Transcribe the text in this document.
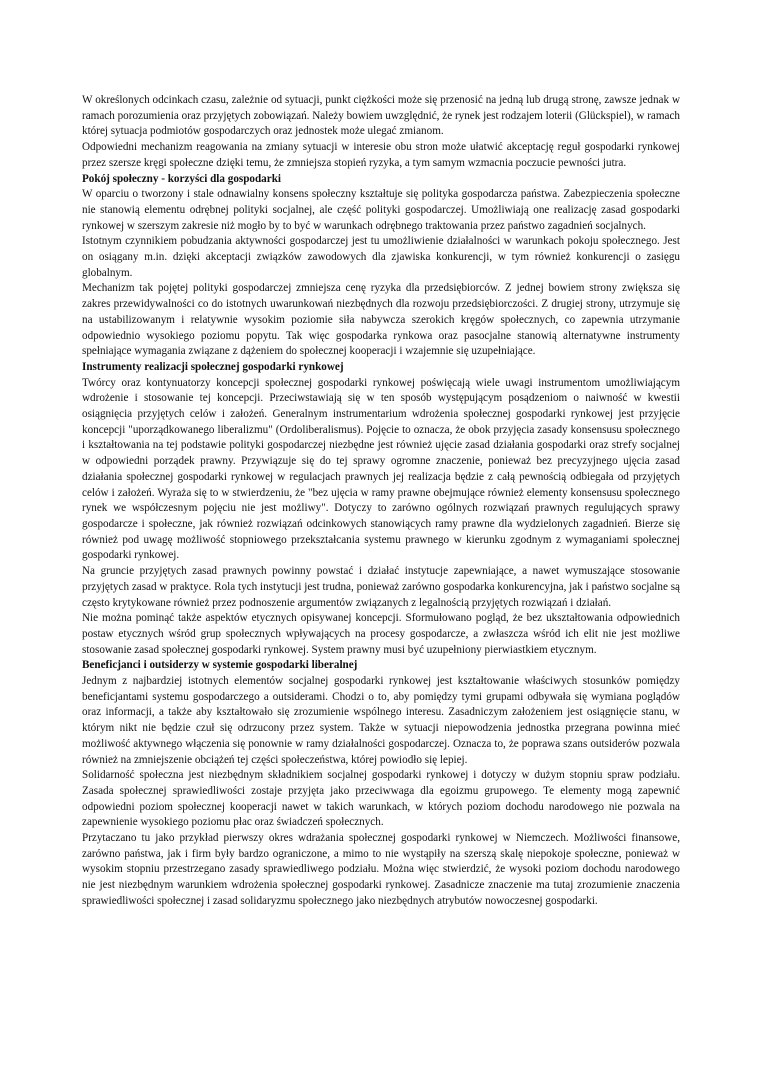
W określonych odcinkach czasu, zależnie od sytuacji, punkt ciężkości może się przenosić na jedną lub drugą stronę, zawsze jednak w ramach porozumienia oraz przyjętych zobowiązań. Należy bowiem uwzględnić, że rynek jest rodzajem loterii (Glückspiel), w ramach której sytuacja podmiotów gospodarczych oraz jednostek może ulegać zmianom.

Odpowiedni mechanizm reagowania na zmiany sytuacji w interesie obu stron może ułatwić akceptację reguł gospodarki rynkowej przez szersze kręgi społeczne dzięki temu, że zmniejsza stopień ryzyka, a tym samym wzmacnia poczucie pewności jutra.

Pokój społeczny - korzyści dla gospodarki

W oparciu o tworzony i stale odnawialny konsens społeczny kształtuje się polityka gospodarcza państwa. Zabezpieczenia społeczne nie stanowią elementu odrębnej polityki socjalnej, ale część polityki gospodarczej. Umożliwiają one realizację zasad gospodarki rynkowej w szerszym zakresie niż mogło by to być w warunkach odrębnego traktowania przez państwo zagadnień socjalnych.

Istotnym czynnikiem pobudzania aktywności gospodarczej jest tu umożliwienie działalności w warunkach pokoju społecznego. Jest on osiągany m.in. dzięki akceptacji związków zawodowych dla zjawiska konkurencji, w tym również konkurencji o zasięgu globalnym.

Mechanizm tak pojętej polityki gospodarczej zmniejsza cenę ryzyka dla przedsiębiorców. Z jednej bowiem strony zwiększa się zakres przewidywalności co do istotnych uwarunkowań niezbędnych dla rozwoju przedsiębiorczości. Z drugiej strony, utrzymuje się na ustabilizowanym i relatywnie wysokim poziomie siła nabywcza szerokich kręgów społecznych, co zapewnia utrzymanie odpowiednio wysokiego poziomu popytu. Tak więc gospodarka rynkowa oraz pasocjalne stanowią alternatywne instrumenty spełniające wymagania związane z dążeniem do społecznej kooperacji i wzajemnie się uzupełniające.

Instrumenty realizacji społecznej gospodarki rynkowej

Twórcy oraz kontynuatorzy koncepcji społecznej gospodarki rynkowej poświęcają wiele uwagi instrumentom umożliwiającym wdrożenie i stosowanie tej koncepcji. Przeciwstawiają się w ten sposób występującym posądzeniom o naiwność w kwestii osiągnięcia przyjętych celów i założeń. Generalnym instrumentarium wdrożenia społecznej gospodarki rynkowej jest przyjęcie koncepcji "uporządkowanego liberalizmu" (Ordoliberalismus). Pojęcie to oznacza, że obok przyjęcia zasady konsensusu społecznego i kształtowania na tej podstawie polityki gospodarczej niezbędne jest również ujęcie zasad działania gospodarki oraz strefy socjalnej w odpowiedni porządek prawny. Przywiązuje się do tej sprawy ogromne znaczenie, ponieważ bez precyzyjnego ujęcia zasad działania społecznej gospodarki rynkowej w regulacjach prawnych jej realizacja będzie z całą pewnością odbiegała od przyjętych celów i założeń. Wyraża się to w stwierdzeniu, że "bez ujęcia w ramy prawne obejmujące również elementy konsensusu społecznego rynek we współczesnym pojęciu nie jest możliwy". Dotyczy to zarówno ogólnych rozwiązań prawnych regulujących sprawy gospodarcze i społeczne, jak również rozwiązań odcinkowych stanowiących ramy prawne dla wydzielonych zagadnień. Bierze się również pod uwagę możliwość stopniowego przekształcania systemu prawnego w kierunku zgodnym z wymaganiami społecznej gospodarki rynkowej.

Na gruncie przyjętych zasad prawnych powinny powstać i działać instytucje zapewniające, a nawet wymuszające stosowanie przyjętych zasad w praktyce. Rola tych instytucji jest trudna, ponieważ zarówno gospodarka konkurencyjna, jak i państwo socjalne są często krytykowane również przez podnoszenie argumentów związanych z legalnością przyjętych rozwiązań i działań.

Nie można pominąć także aspektów etycznych opisywanej koncepcji. Sformułowano pogląd, że bez ukształtowania odpowiednich postaw etycznych wśród grup społecznych wpływających na procesy gospodarcze, a zwłaszcza wśród ich elit nie jest możliwe stosowanie zasad społecznej gospodarki rynkowej. System prawny musi być uzupełniony pierwiastkiem etycznym.

Beneficjanci i outsiderzy w systemie gospodarki liberalnej

Jednym z najbardziej istotnych elementów socjalnej gospodarki rynkowej jest kształtowanie właściwych stosunków pomiędzy beneficjantami systemu gospodarczego a outsiderami. Chodzi o to, aby pomiędzy tymi grupami odbywała się wymiana poglądów oraz informacji, a także aby kształtowało się zrozumienie wspólnego interesu. Zasadniczym założeniem jest osiągnięcie stanu, w którym nikt nie będzie czuł się odrzucony przez system. Także w sytuacji niepowodzenia jednostka przegrana powinna mieć możliwość aktywnego włączenia się ponownie w ramy działalności gospodarczej. Oznacza to, że poprawa szans outsiderów pozwala również na zmniejszenie obciążeń tej części społeczeństwa, której powiodło się lepiej.

Solidarność społeczna jest niezbędnym składnikiem socjalnej gospodarki rynkowej i dotyczy w dużym stopniu spraw podziału. Zasada społecznej sprawiedliwości zostaje przyjęta jako przeciwwaga dla egoizmu grupowego. Te elementy mogą zapewnić odpowiedni poziom społecznej kooperacji nawet w takich warunkach, w których poziom dochodu narodowego nie pozwala na zapewnienie wysokiego poziomu płac oraz świadczeń społecznych.

Przytaczano tu jako przykład pierwszy okres wdrażania społecznej gospodarki rynkowej w Niemczech. Możliwości finansowe, zarówno państwa, jak i firm były bardzo ograniczone, a mimo to nie wystąpiły na szerszą skalę niepokoje społeczne, ponieważ w wysokim stopniu przestrzegano zasady sprawiedliwego podziału. Można więc stwierdzić, że wysoki poziom dochodu narodowego nie jest niezbędnym warunkiem wdrożenia społecznej gospodarki rynkowej. Zasadnicze znaczenie ma tutaj zrozumienie znaczenia sprawiedliwości społecznej i zasad solidaryzmu społecznego jako niezbędnych atrybutów nowoczesnej gospodarki.
